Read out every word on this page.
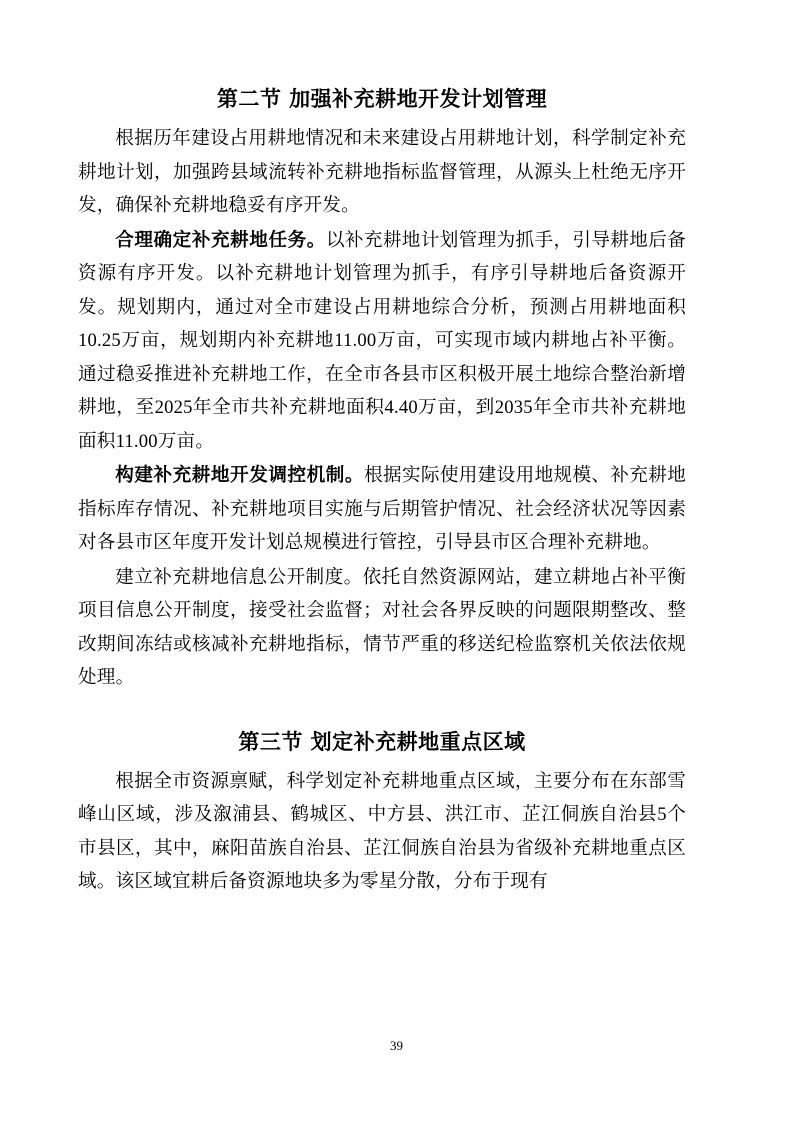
第二节 加强补充耕地开发计划管理

根据历年建设占用耕地情况和未来建设占用耕地计划，科学制定补充耕地计划，加强跨县域流转补充耕地指标监督管理，从源头上杜绝无序开发，确保补充耕地稳妥有序开发。

合理确定补充耕地任务。以补充耕地计划管理为抓手，引导耕地后备资源有序开发。以补充耕地计划管理为抓手，有序引导耕地后备资源开发。规划期内，通过对全市建设占用耕地综合分析，预测占用耕地面积10.25万亩，规划期内补充耕地11.00万亩，可实现市域内耕地占补平衡。通过稳妥推进补充耕地工作，在全市各县市区积极开展土地综合整治新增耕地，至2025年全市共补充耕地面积4.40万亩，到2035年全市共补充耕地面积11.00万亩。

构建补充耕地开发调控机制。根据实际使用建设用地规模、补充耕地指标库存情况、补充耕地项目实施与后期管护情况、社会经济状况等因素对各县市区年度开发计划总规模进行管控，引导县市区合理补充耕地。

建立补充耕地信息公开制度。依托自然资源网站，建立耕地占补平衡项目信息公开制度，接受社会监督；对社会各界反映的问题限期整改、整改期间冻结或核减补充耕地指标，情节严重的移送纪检监察机关依法依规处理。

第三节 划定补充耕地重点区域

根据全市资源禀赋，科学划定补充耕地重点区域，主要分布在东部雪峰山区域，涉及溆浦县、鹤城区、中方县、洪江市、芷江侗族自治县5个市县区，其中，麻阳苗族自治县、芷江侗族自治县为省级补充耕地重点区域。该区域宜耕后备资源地块多为零星分散，分布于现有

39
